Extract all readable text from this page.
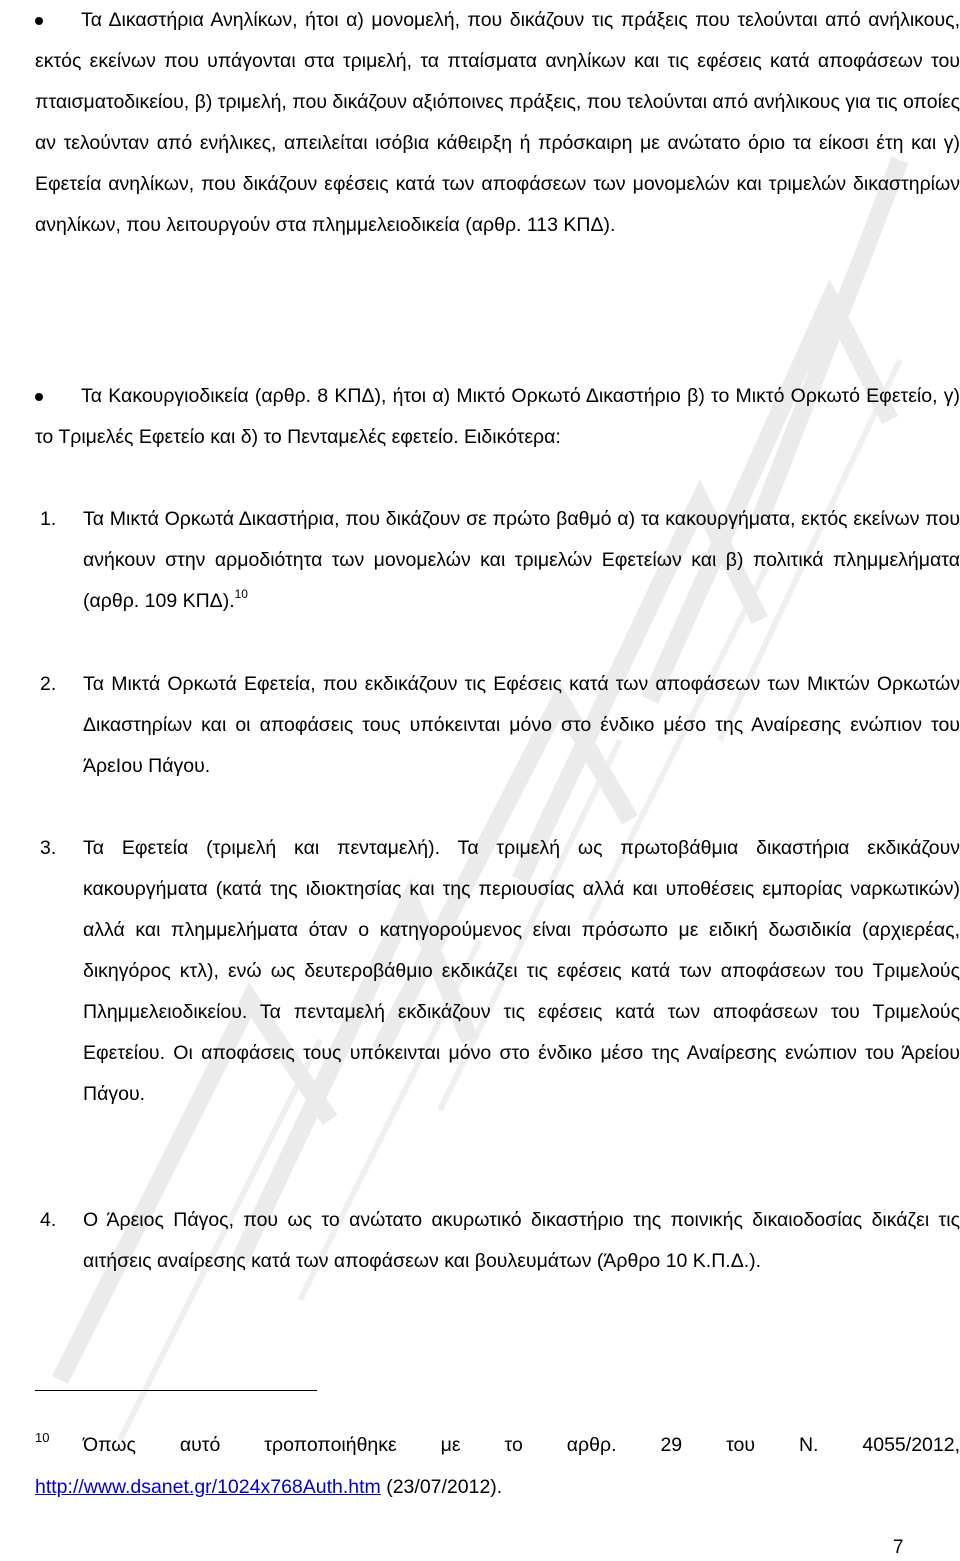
Τα Δικαστήρια Ανηλίκων, ήτοι α) μονομελή, που δικάζουν τις πράξεις που τελούνται από ανήλικους, εκτός εκείνων που υπάγονται στα τριμελή, τα πταίσματα ανηλίκων και τις εφέσεις κατά αποφάσεων του πταισματοδικείου, β) τριμελή, που δικάζουν αξιόποινες πράξεις, που τελούνται από ανήλικους για τις οποίες αν τελούνταν από ενήλικες, απειλείται ισόβια κάθειρξη ή πρόσκαιρη με ανώτατο όριο τα είκοσι έτη και γ) Εφετεία ανηλίκων, που δικάζουν εφέσεις κατά των αποφάσεων των μονομελών και τριμελών δικαστηρίων ανηλίκων, που λειτουργούν στα πλημμελειοδικεία (αρθρ. 113 ΚΠΔ).
Τα Κακουργιοδικεία (αρθρ. 8 ΚΠΔ), ήτοι α) Μικτό Ορκωτό Δικαστήριο β) το Μικτό Ορκωτό Εφετείο, γ) το Τριμελές Εφετείο και δ) το Πενταμελές εφετείο. Ειδικότερα:
1. Τα Μικτά Ορκωτά Δικαστήρια, που δικάζουν σε πρώτο βαθμό α) τα κακουργήματα, εκτός εκείνων που ανήκουν στην αρμοδιότητα των μονομελών και τριμελών Εφετείων και β) πολιτικά πλημμελήματα (αρθρ. 109 ΚΠΔ).$^{10}$
2. Τα Μικτά Ορκωτά Εφετεία, που εκδικάζουν τις Εφέσεις κατά των αποφάσεων των Μικτών Ορκωτών Δικαστηρίων και οι αποφάσεις τους υπόκεινται μόνο στο ένδικο μέσο της Αναίρεσης ενώπιον του ΆρεΙου Πάγου.
3. Τα Εφετεία (τριμελή και πενταμελή). Τα τριμελή ως πρωτοβάθμια δικαστήρια εκδικάζουν κακουργήματα (κατά της ιδιοκτησίας και της περιουσίας αλλά και υποθέσεις εμπορίας ναρκωτικών) αλλά και πλημμελήματα όταν ο κατηγορούμενος είναι πρόσωπο με ειδική δωσιδικία (αρχιερέας, δικηγόρος κτλ), ενώ ως δευτεροβάθμιο εκδικάζει τις εφέσεις κατά των αποφάσεων του Τριμελούς Πλημμελειοδικείου. Τα πενταμελή εκδικάζουν τις εφέσεις κατά των αποφάσεων του Τριμελούς Εφετείου. Οι αποφάσεις τους υπόκεινται μόνο στο ένδικο μέσο της Αναίρεσης ενώπιον του Άρείου Πάγου.
4. Ο Άρειος Πάγος, που ως το ανώτατο ακυρωτικό δικαστήριο της ποινικής δικαιοδοσίας δικάζει τις αιτήσεις αναίρεσης κατά των αποφάσεων και βουλευμάτων (Άρθρο 10 Κ.Π.Δ.).
10 Όπως αυτό τροποποιήθηκε με το αρθρ. 29 του Ν. 4055/2012,
http://www.dsanet.gr/1024x768Auth.htm (23/07/2012).
7
